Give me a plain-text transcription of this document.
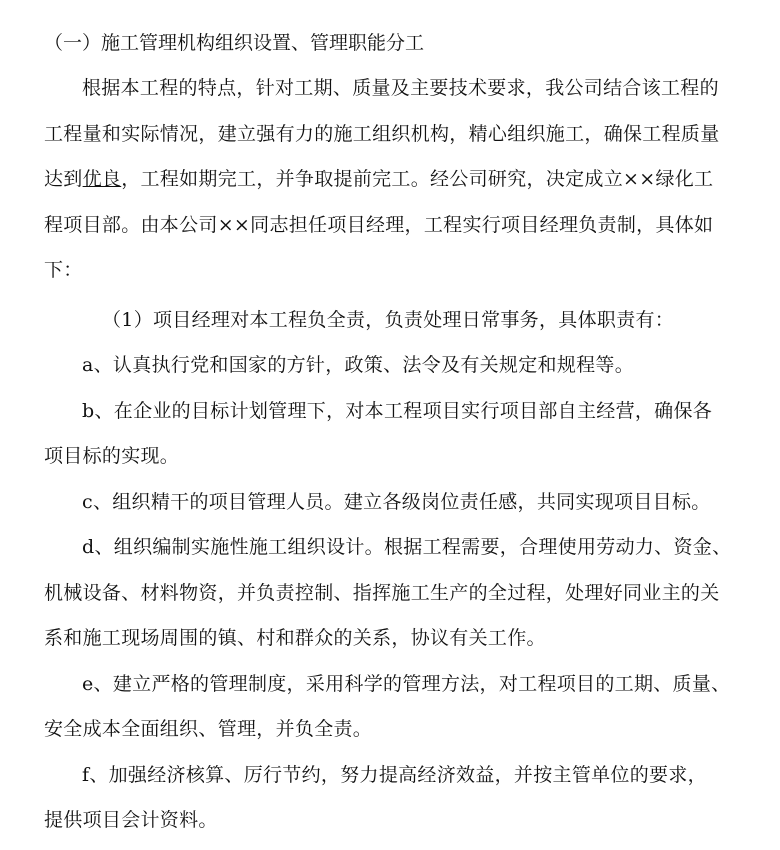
（一）施工管理机构组织设置、管理职能分工

根据本工程的特点，针对工期、质量及主要技术要求，我公司结合该工程的
工程量和实际情况，建立强有力的施工组织机构，精心组织施工，确保工程质量
达到优良，工程如期完工，并争取提前完工。经公司研究，决定成立××绿化工
程项目部。由本公司××同志担任项目经理，工程实行项目经理负责制，具体如
下：

（1）项目经理对本工程负全责，负责处理日常事务，具体职责有：

a、认真执行党和国家的方针，政策、法令及有关规定和规程等。

b、在企业的目标计划管理下，对本工程项目实行项目部自主经营，确保各
项目标的实现。

c、组织精干的项目管理人员。建立各级岗位责任感，共同实现项目目标。

d、组织编制实施性施工组织设计。根据工程需要，合理使用劳动力、资金、
机械设备、材料物资，并负责控制、指挥施工生产的全过程，处理好同业主的关
系和施工现场周围的镇、村和群众的关系，协议有关工作。

e、建立严格的管理制度，采用科学的管理方法，对工程项目的工期、质量、
安全成本全面组织、管理，并负全责。

f、加强经济核算、厉行节约，努力提高经济效益，并按主管单位的要求，
提供项目会计资料。
